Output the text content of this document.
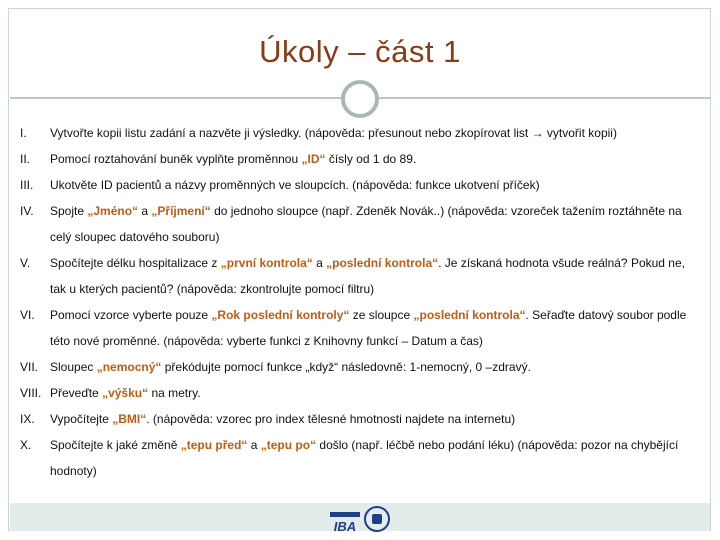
Úkoly – část 1
I.	Vytvořte kopii listu zadání a nazvěte ji výsledky. (nápověda: přesunout nebo zkopírovat list → vytvořit kopii)
II.	Pomocí roztahování buněk vyplňte proměnnou „ID“ čísly od 1 do 89.
III.	Ukotvěte ID pacientů a názvy proměnných ve sloupcích. (nápověda: funkce ukotvení příček)
IV.	Spojte „Jméno“ a „Příjmení“ do jednoho sloupce (např. Zdeněk Novák..) (nápověda: vzoreček tažením roztáhněte na celý sloupec datového souboru)
V.	Spočítejte délku hospitalizace z „první kontrola“ a „poslední kontrola“. Je získaná hodnota všude reálná? Pokud ne, tak u kterých pacientů? (nápověda: zkontrolujte pomocí filtru)
VI.	Pomocí vzorce vyberte pouze „Rok poslední kontroly“ ze sloupce „poslední kontrola“. Seřaďte datový soubor podle této nové proměnné. (nápověda: vyberte funkci z Knihovny funkcí – Datum a čas)
VII. Sloupec „nemocný“ překódujte pomocí funkce „když“ následovně: 1-nemocný, 0 –zdravý.
VIII. Převeďte „výšku“ na metry.
IX.	Vypočítejte „BMI“. (nápověda: vzorec pro index tělesné hmotnosti najdete na internetu)
X.	Spočítejte k jaké změně „tepu před“ a „tepu po“ došlo (např. léčbě nebo podání léku) (nápověda: pozor na chybějící hodnoty)
IBA
